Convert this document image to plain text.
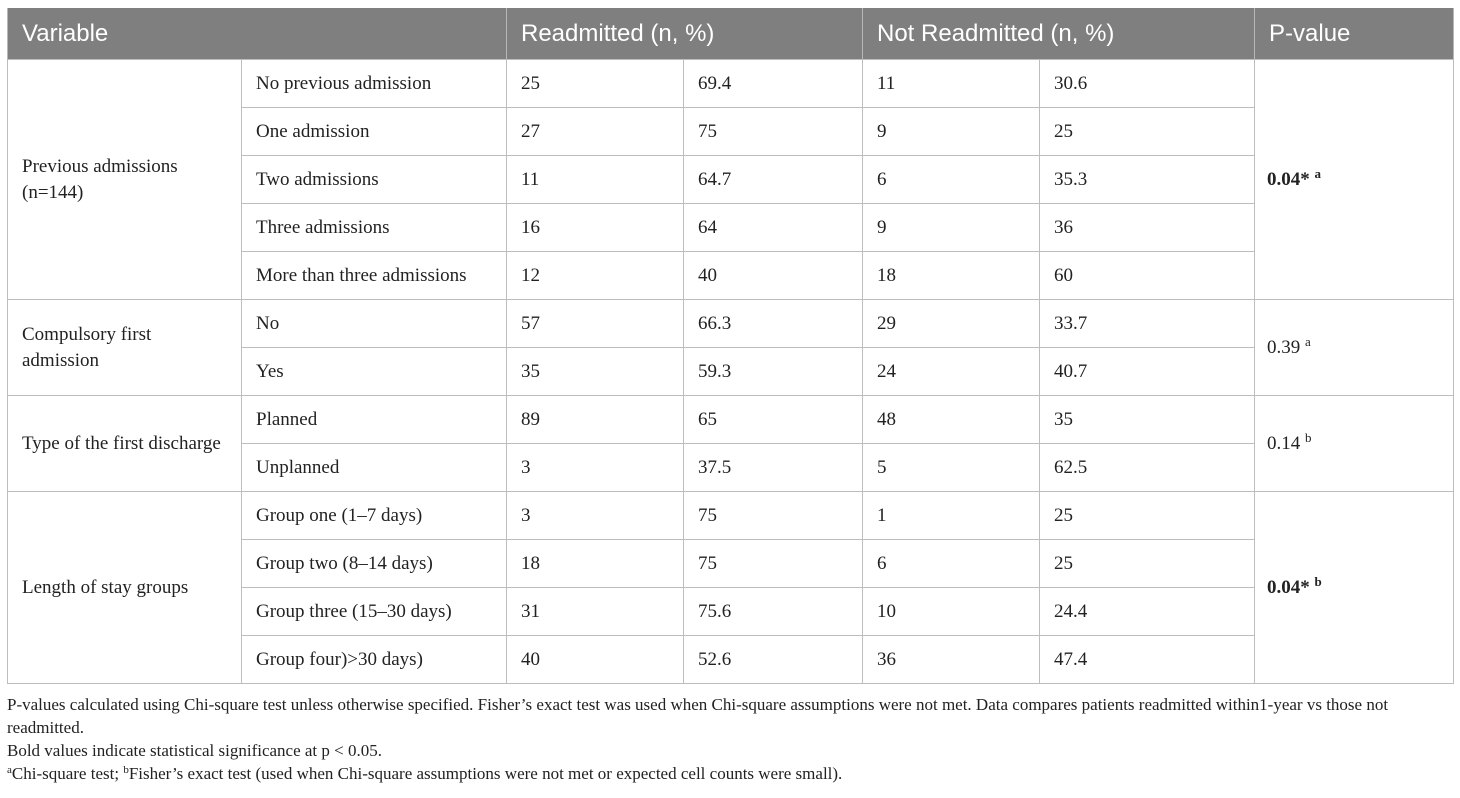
Variable		Readmitted (n, %)		Not Readmitted (n, %)		P-value
Previous admissions (n=144)	No previous admission	25	69.4	11	30.6	0.04* $^a$
	One admission	27	75	9	25	
	Two admissions	11	64.7	6	35.3	
	Three admissions	16	64	9	36	
	More than three admissions	12	40	18	60	
Compulsory first admission	No	57	66.3	29	33.7	0.39 $^a$
	Yes	35	59.3	24	40.7	
Type of the first discharge	Planned	89	65	48	35	0.14 $^b$
	Unplanned	3	37.5	5	62.5	
Length of stay groups	Group one (1–7 days)	3	75	1	25	0.04* $^b$
	Group two (8–14 days)	18	75	6	25	
	Group three (15–30 days)	31	75.6	10	24.4	
	Group four)>30 days)	40	52.6	36	47.4	

P-values calculated using Chi-square test unless otherwise specified. Fisher’s exact test was used when Chi-square assumptions were not met. Data compares patients readmitted within1-year vs those not readmitted.

Bold values indicate statistical significance at p < 0.05.

$^a$Chi-square test; $^b$Fisher’s exact test (used when Chi-square assumptions were not met or expected cell counts were small).
